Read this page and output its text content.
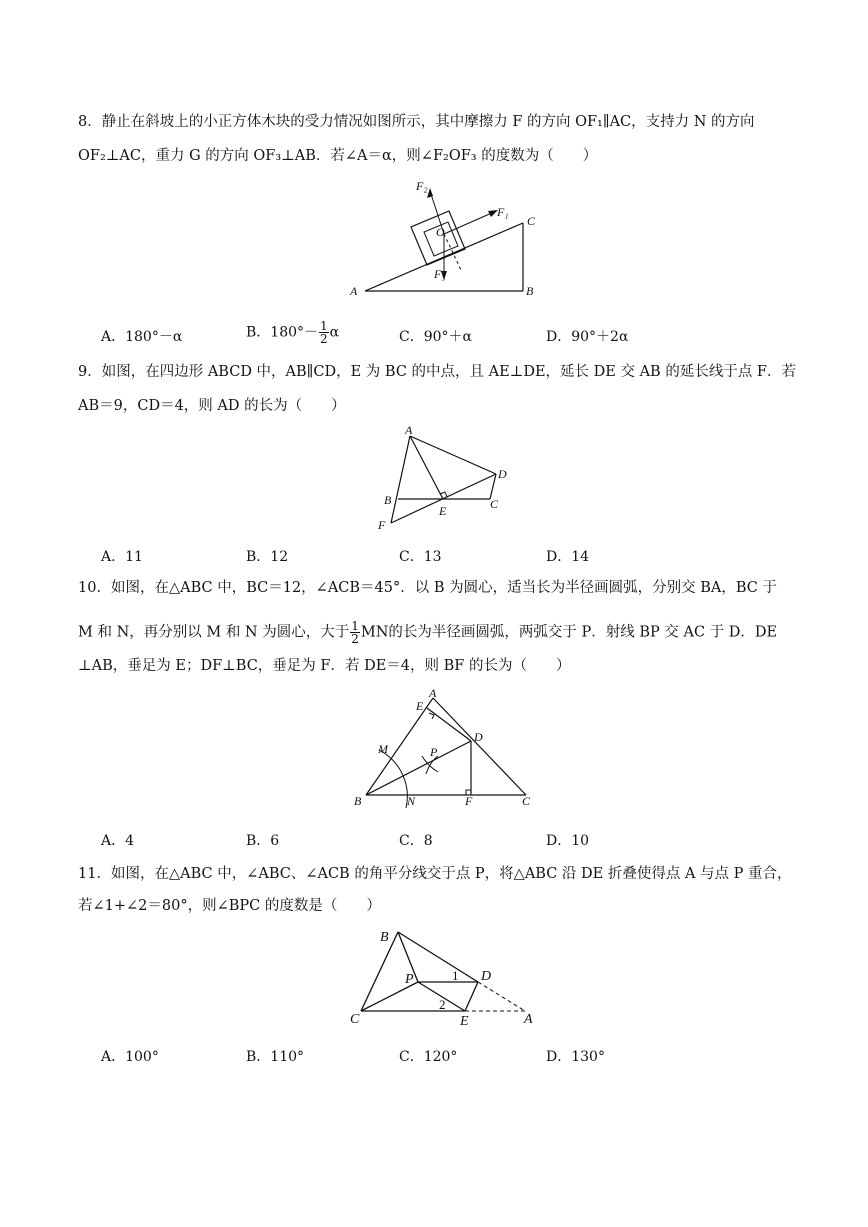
8．静止在斜坡上的小正方体木块的受力情况如图所示，其中摩擦力 F 的方向 OF₁∥AC，支持力 N 的方向
OF₂⊥AC，重力 G 的方向 OF₃⊥AB．若∠A＝α，则∠F₂OF₃ 的度数为（　　）
F₂
F₁
F₃
O
A	B
C
A．180°－α	B．$180^\circ- \frac{1}{2}$ α	C．90°＋α	D．90°＋2α
9．如图，在四边形 ABCD 中，AB∥CD，E 为 BC 的中点，且 AE⊥DE，延长 DE 交 AB 的延长线于点 F．若
AB＝9，CD＝4，则 AD 的长为（　　）
A
B	C
D
E
F
A．11	B．12	C．13	D．14
10．如图，在△ABC 中，BC＝12，∠ACB＝45°．以 B 为圆心，适当长为半径画圆弧，分别交 BA，BC 于
M 和 N，再分别以 M 和 N 为圆心，大于 $\frac{1}{2}$ MN的长为半径画圆弧，两弧交于 P．射线 BP 交 AC 于 D．DE
⊥AB，垂足为 E；DF⊥BC，垂足为 F．若 DE＝4，则 BF 的长为（　　）
A
E
D
M	P
B	N	F	C
A．4	B．6	C．8	D．10
11．如图，在△ABC 中，∠ABC、∠ACB 的角平分线交于点 P，将△ABC 沿 DE 折叠使得点 A 与点 P 重合，
若∠1+∠2＝80°，则∠BPC 的度数是（　　）
B
P
C
D
E	A
1
2
A．100°	B．110°	C．120°	D．130°
